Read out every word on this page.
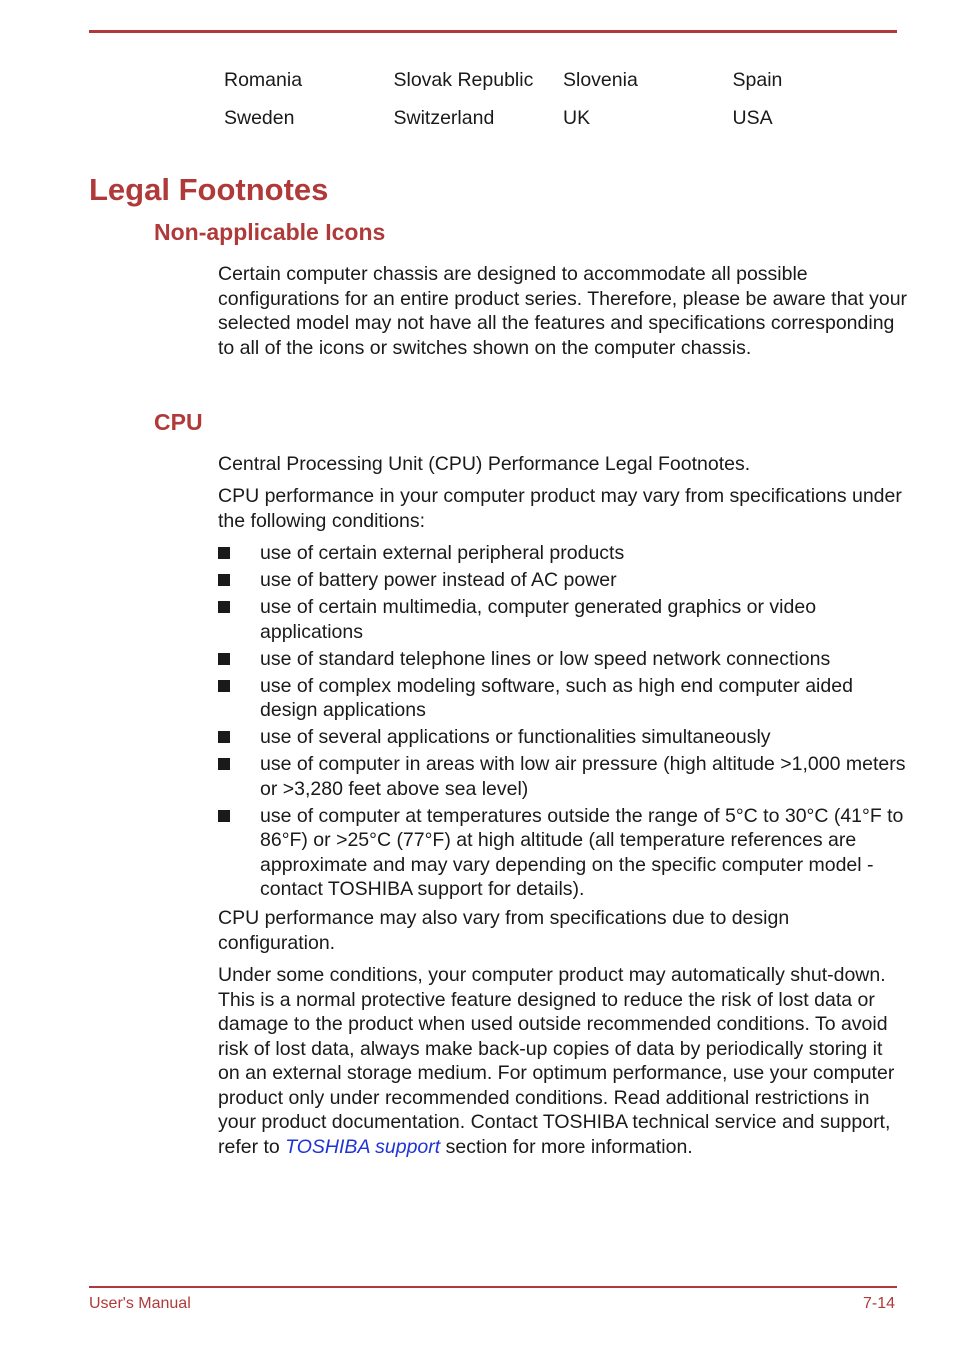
Romania	Slovak Republic	Slovenia	Spain
Sweden	Switzerland	UK	USA
Legal Footnotes
Non-applicable Icons

Certain computer chassis are designed to accommodate all possible configurations for an entire product series. Therefore, please be aware that your selected model may not have all the features and specifications corresponding to all of the icons or switches shown on the computer chassis.

CPU

Central Processing Unit (CPU) Performance Legal Footnotes.

CPU performance in your computer product may vary from specifications under the following conditions:

use of certain external peripheral products
use of battery power instead of AC power
use of certain multimedia, computer generated graphics or video applications
use of standard telephone lines or low speed network connections
use of complex modeling software, such as high end computer aided design applications
use of several applications or functionalities simultaneously
use of computer in areas with low air pressure (high altitude >1,000 meters or >3,280 feet above sea level)
use of computer at temperatures outside the range of 5°C to 30°C (41°F to 86°F) or >25°C (77°F) at high altitude (all temperature references are approximate and may vary depending on the specific computer model - contact TOSHIBA support for details).

CPU performance may also vary from specifications due to design configuration.

Under some conditions, your computer product may automatically shut-down. This is a normal protective feature designed to reduce the risk of lost data or damage to the product when used outside recommended conditions. To avoid risk of lost data, always make back-up copies of data by periodically storing it on an external storage medium. For optimum performance, use your computer product only under recommended conditions. Read additional restrictions in your product documentation. Contact TOSHIBA technical service and support, refer to TOSHIBA support section for more information.

User's Manual	7-14
